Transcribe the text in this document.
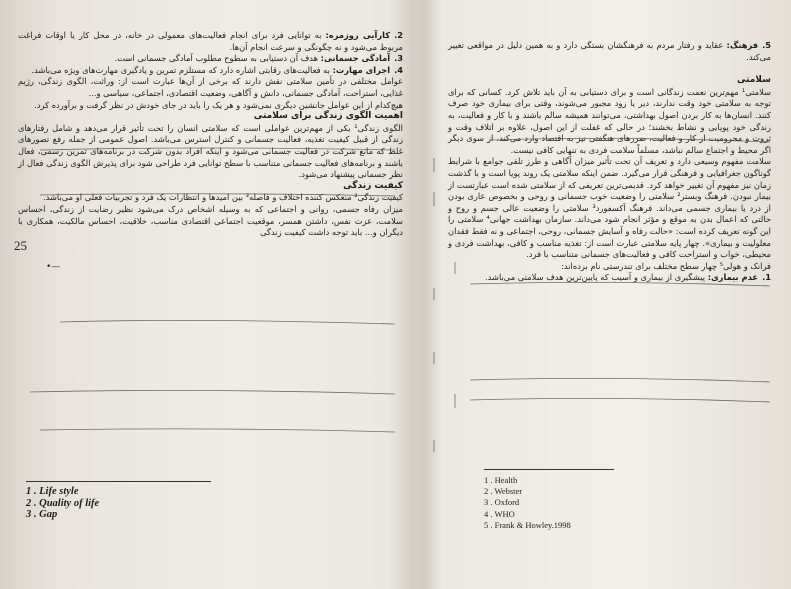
2.کارآیی روزمره: به توانایی فرد برای انجام فعالیت‌های معمولی در خانه، در محل کار یا اوقات فراغت مربوط می‌شود و نه چگونگی و سرعت انجام آن‌ها.
3.آمادگی جسمانی: هدف آن دستیابی به سطوح مطلوب آمادگی جسمانی است.
4.اجرای مهارت: به فعالیت‌های رقابتی اشاره دارد که مستلزم تمرین و یادگیری مهارت‌های ویژه می‌باشد.

عوامل مختلفی در تأمین سلامتی نقش دارند که برخی از آن‌ها عبارت است از: وراثت، الگوی زندگی، رژیم غذایی، استراحت، آمادگی جسمانی، دانش و آگاهی، وضعیت اقتصادی، اجتماعی، سیاسی و...

هیچ‌کدام از این عوامل جانشین دیگری نمی‌شود و هر یک را باید در جای خودش در نظر گرفت و برآورده کرد.

اهمیت الگوی زندگی برای سلامتی

الگوی زندگی¹ یکی از مهم‌ترین عواملی است که سلامتی انسان را تحت تأثیر قرار می‌دهد و شامل رفتارهای زندگی از قبیل کیفیت تغذیه، فعالیت جسمانی و کنترل استرس می‌باشد. اصول عمومی از جمله رفع تصورهای غلط که مانع شرکت در فعالیت جسمانی می‌شود و اینکه افراد بدون شرکت در برنامه‌های تمرین رسمی، فعال باشند و برنامه‌های فعالیت جسمانی متناسب با سطح توانایی فرد طراحی شود برای پذیرش الگوی زندگی فعال از نظر جسمانی پیشنهاد می‌شود.

کیفیت زندگی

کیفیت زندگی² منعکس کننده اختلاف و فاصله³ بین امیدها و انتظارات یک فرد و تجربیات فعلی او می‌باشد.

میزان رفاه جسمی، روانی و اجتماعی که به وسیله اشخاص درک می‌شود نظیر رضایت از زندگی، احساس سلامت، عزت نفس، داشتن همسر، موقعیت اجتماعی اقتصادی مناسب، خلاقیت، احساس مالکیت، همکاری با دیگران و... باید توجه داشت کیفیت زندگی

1 . Life style
2 . Quality of life
3 . Gap
25
•—
5.فرهنگ: عقاید و رفتار مردم به فرهنگشان بستگی دارد و به همین دلیل در مواقعی تغییر می‌کند.
سلامتی

سلامتی¹ مهم‌ترین نعمت زندگانی است و برای دستیابی به آن باید تلاش کرد. کسانی که برای توجه به سلامتی خود وقت ندارند، دیر یا زود مجبور می‌شوند، وقتی برای بیماری خود صرف کنند. انسان‌ها به کار بردن اصول بهداشتی، می‌توانند همیشه سالم باشند و با کار و فعالیت، به زندگی خود پویایی و نشاط بخشند؛ در حالی که غفلت از این اصول، علاوه بر اتلاف وقت و ثروت و محرومیت از کار و فعالیت، ضررهای هنگفتی نیز به اقتصاد وارد می‌کند. از سوی دیگر اگر محیط و اجتماع سالم نباشد، مسلماً سلامت فردی به تنهایی کافی نیست.

سلامت مفهوم وسیعی دارد و تعریف آن تحت تأثیر میزان آگاهی و طرز تلقی جوامع با شرایط گوناگون جغرافیایی و فرهنگی قرار می‌گیرد. ضمن اینکه سلامتی یک روند پویا است و با گذشت زمان نیز مفهوم آن تغییر خواهد کرد. قدیمی‌ترین تعریفی که از سلامتی شده است عبارتست از بیمار نبودن. فرهنگ وبستر² سلامتی را وضعیت خوب جسمانی و روحی و بخصوص عاری بودن از درد یا بیماری جسمی می‌داند. فرهنگ آکسفورد³ سلامتی را وضعیت عالی جسم و روح و حالتی که اعمال بدن به موقع و مؤثر انجام شود می‌داند. سازمان بهداشت جهانی⁴ سلامتی را این گونه تعریف کرده است: «حالت رفاه و آسایش جسمانی، روحی، اجتماعی و نه فقط فقدان معلولیت و بیماری». چهار پایه سلامتی عبارت است از: تغذیه مناسب و کافی، بهداشت فردی و محیطی، خواب و استراحت کافی و فعالیت‌های جسمانی متناسب با فرد.

فرانک و هولی⁵ چهار سطح مختلف برای تندرستی نام برده‌اند:

1.عدم بیماری: پیشگیری از بیماری و آسیب که پایین‌ترین هدف سلامتی می‌باشد.
1 . Health
2 . Webster
3 . Oxford
4 . WHO
5 . Frank & Howley.1998
